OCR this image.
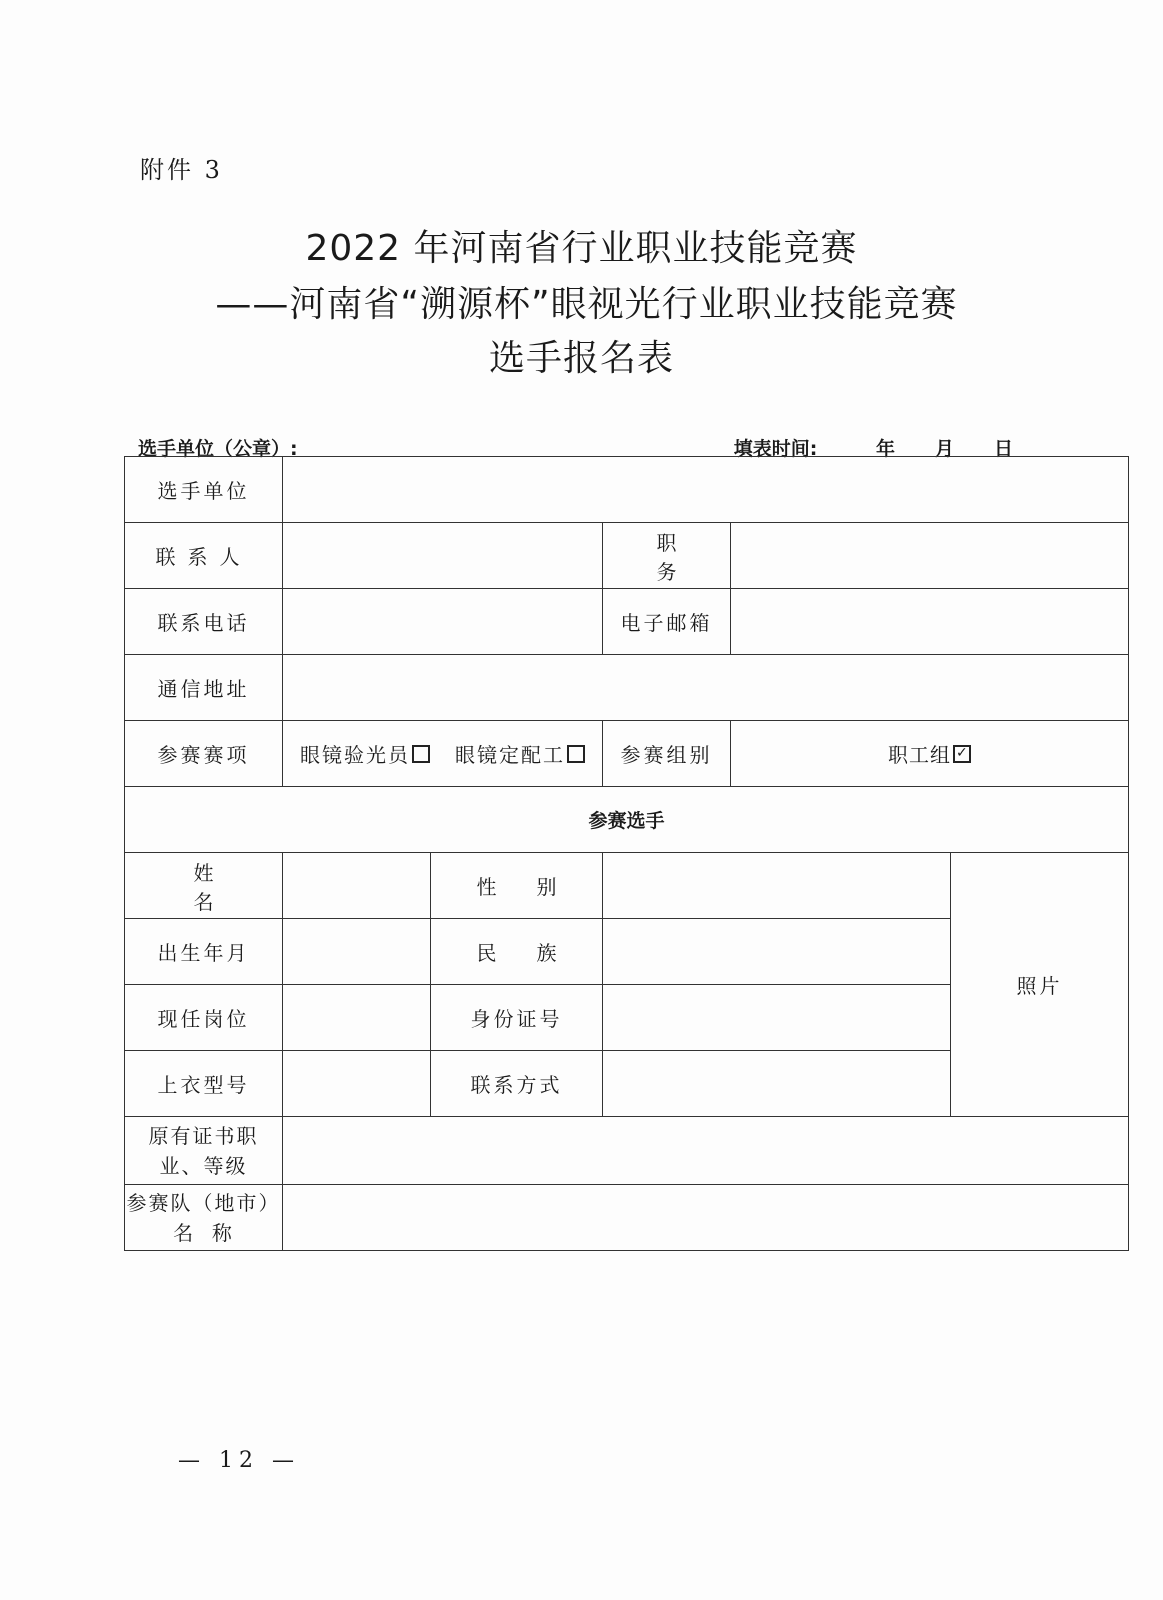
附件 3
2022 年河南省行业职业技能竞赛
——河南省“溯源杯”眼视光行业职业技能竞赛
选手报名表
选手单位（公章）:	填表时间:	年 月 日
选手单位					
联系人			职务		
联系电话			电子邮箱		
通信地址					
参赛赛项	眼镜验光员 眼镜定配工		参赛组别	职工组✓
参赛选手					
姓名		性别			照片
出生年月		民族			
现任岗位		身份证号			
上衣型号		联系方式			

原有证书职
业、等级					

参赛队（地市）
名  称					

— 12 —
